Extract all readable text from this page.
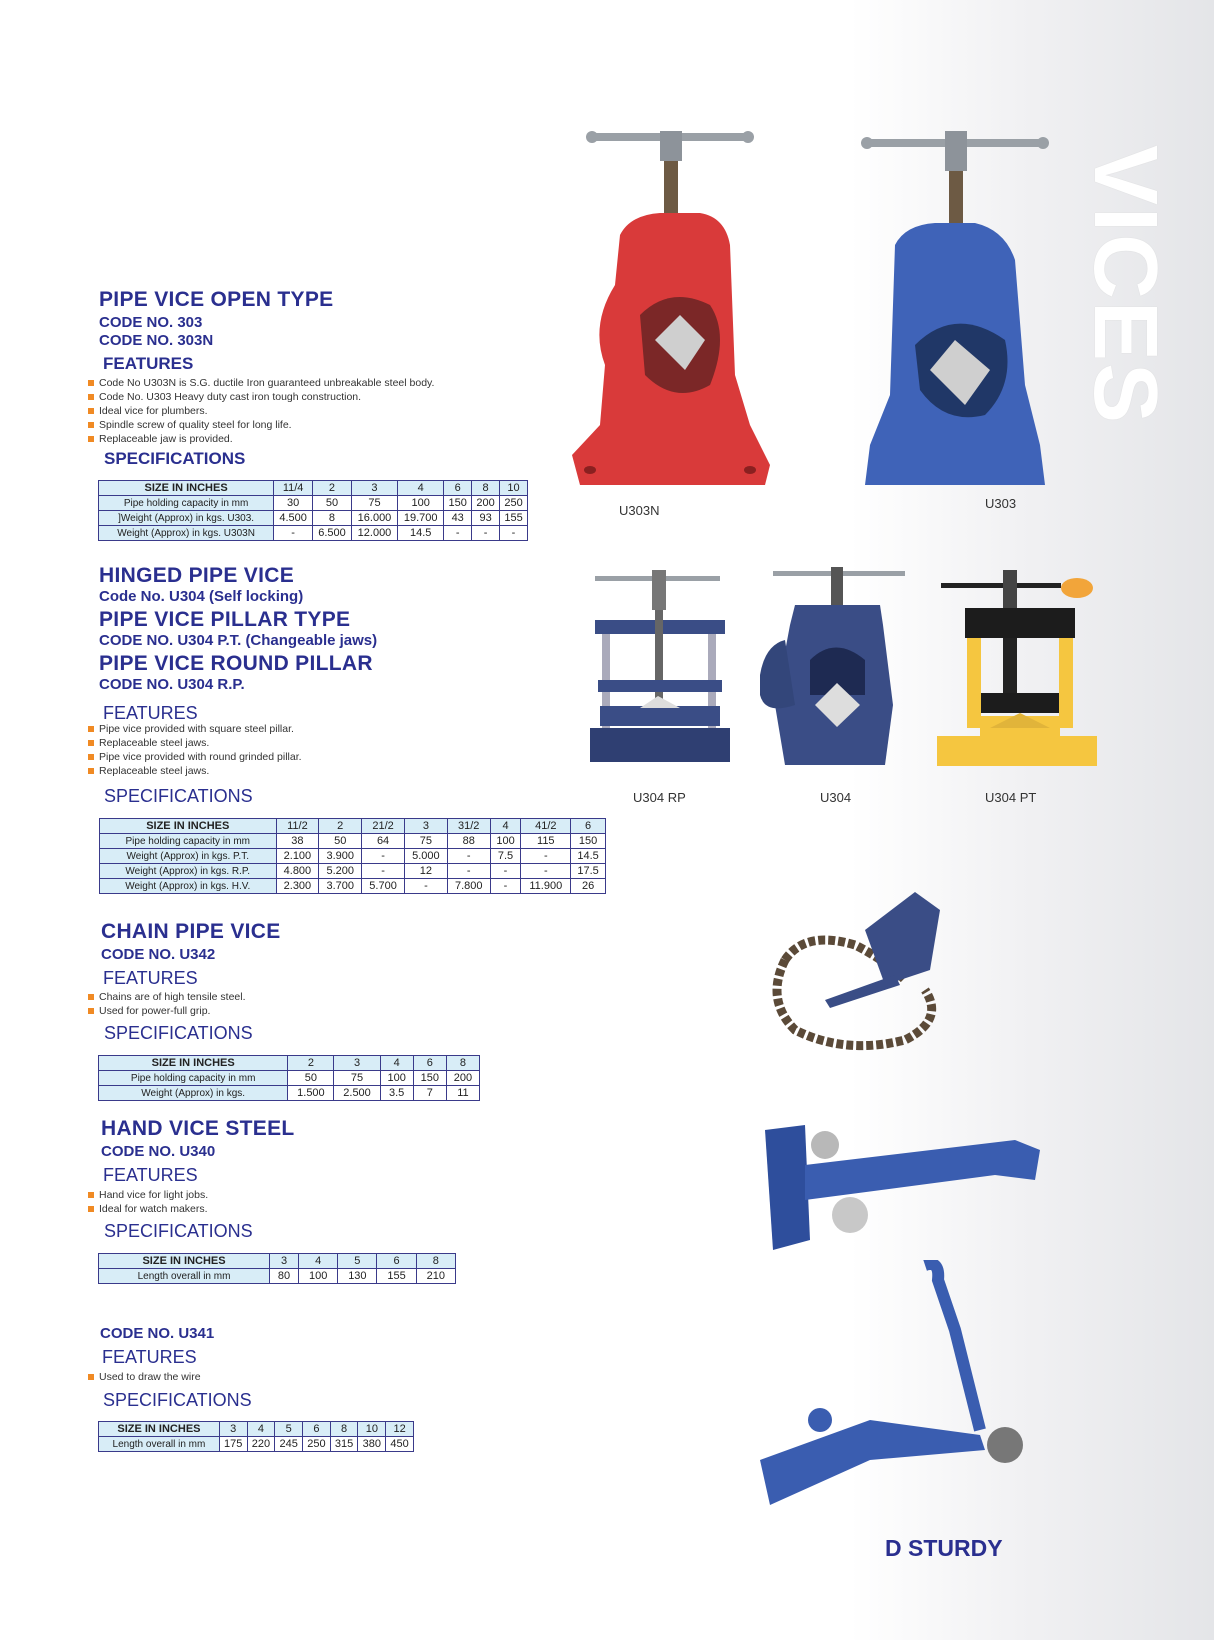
VICES
PIPE VICE OPEN TYPE
CODE NO. 303
CODE NO. 303N
FEATURES
Code No U303N is S.G. ductile Iron guaranteed unbreakable steel body.
Code No. U303 Heavy duty cast iron tough construction.
Ideal vice for plumbers.
Spindle screw of quality steel for long life.
Replaceable jaw is provided.
SPECIFICATIONS
SIZE IN INCHES	11/4	2	3	4	6	8	10
Pipe holding capacity in mm	30	50	75	100	150	200	250
]Weight (Approx) in kgs. U303.	4.500	8	16.000	19.700	43	93	155
Weight (Approx) in kgs. U303N	-	6.500	12.000	14.5	-	-	-
U303N	U303
HINGED PIPE VICE
Code No. U304 (Self locking)
PIPE VICE PILLAR TYPE
CODE NO. U304 P.T. (Changeable jaws)
PIPE VICE ROUND PILLAR
CODE NO. U304 R.P.
FEATURES
Pipe vice provided with square steel pillar.
Replaceable steel jaws.
Pipe vice provided with round grinded pillar.
Replaceable steel jaws.
SPECIFICATIONS
SIZE IN INCHES	11/2	2	21/2	3	31/2	4	41/2	6
Pipe holding capacity in mm	38	50	64	75	88	100	115	150
Weight (Approx) in kgs. P.T.	2.100	3.900	-	5.000	-	7.5	-	14.5
Weight (Approx) in kgs. R.P.	4.800	5.200	-	12	-	-	-	17.5
Weight (Approx) in kgs. H.V.	2.300	3.700	5.700	-	7.800	-	11.900	26
U304 RP	U304	U304 PT
CHAIN PIPE VICE
CODE NO. U342
FEATURES
Chains are of high tensile steel.
Used for power-full grip.
SPECIFICATIONS
SIZE IN INCHES	2	3	4	6	8
Pipe holding capacity in mm	50	75	100	150	200
Weight (Approx) in kgs.	1.500	2.500	3.5	7	11
HAND VICE STEEL
CODE NO. U340
FEATURES
Hand vice for light jobs.
Ideal for watch makers.
SPECIFICATIONS
SIZE IN INCHES	3	4	5	6	8
Length overall in mm	80	100	130	155	210
CODE NO. U341
FEATURES
Used to draw the wire
SPECIFICATIONS
SIZE IN INCHES	3	4	5	6	8	10	12
Length overall in mm	175	220	245	250	315	380	450
D STURDY
